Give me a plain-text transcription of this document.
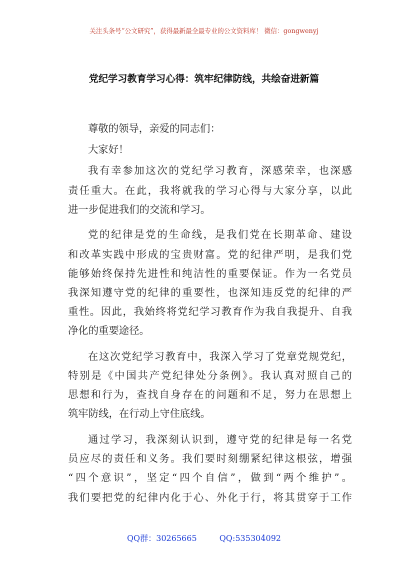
关注头条号“公文研究”，获得最新最全最专业的公文资料库！ 微信：gongwenyj
党纪学习教育学习心得：筑牢纪律防线，共绘奋进新篇
尊敬的领导，亲爱的同志们：
大家好！
我有幸参加这次的党纪学习教育，深感荣幸，也深感
责任重大。在此，我将就我的学习心得与大家分享，以此
进一步促进我们的交流和学习。
党的纪律是党的生命线，是我们党在长期革命、建设
和改革实践中形成的宝贵财富。党的纪律严明，是我们党
能够始终保持先进性和纯洁性的重要保证。作为一名党员
我深知遵守党的纪律的重要性，也深知违反党的纪律的严
重性。因此，我始终将党纪学习教育作为我自我提升、自我
净化的重要途径。
在这次党纪学习教育中，我深入学习了党章党规党纪，
特别是《中国共产党纪律处分条例》。我认真对照自己的
思想和行为，查找自身存在的问题和不足，努力在思想上
筑牢防线，在行动上守住底线。
通过学习，我深刻认识到，遵守党的纪律是每一名党
员应尽的责任和义务。我们要时刻绷紧纪律这根弦，增强
“四个意识”，坚定“四个自信”，做到“两个维护”。
我们要把党的纪律内化于心、外化于行，将其贯穿于工作
QQ群：30265665	QQ:535304092
